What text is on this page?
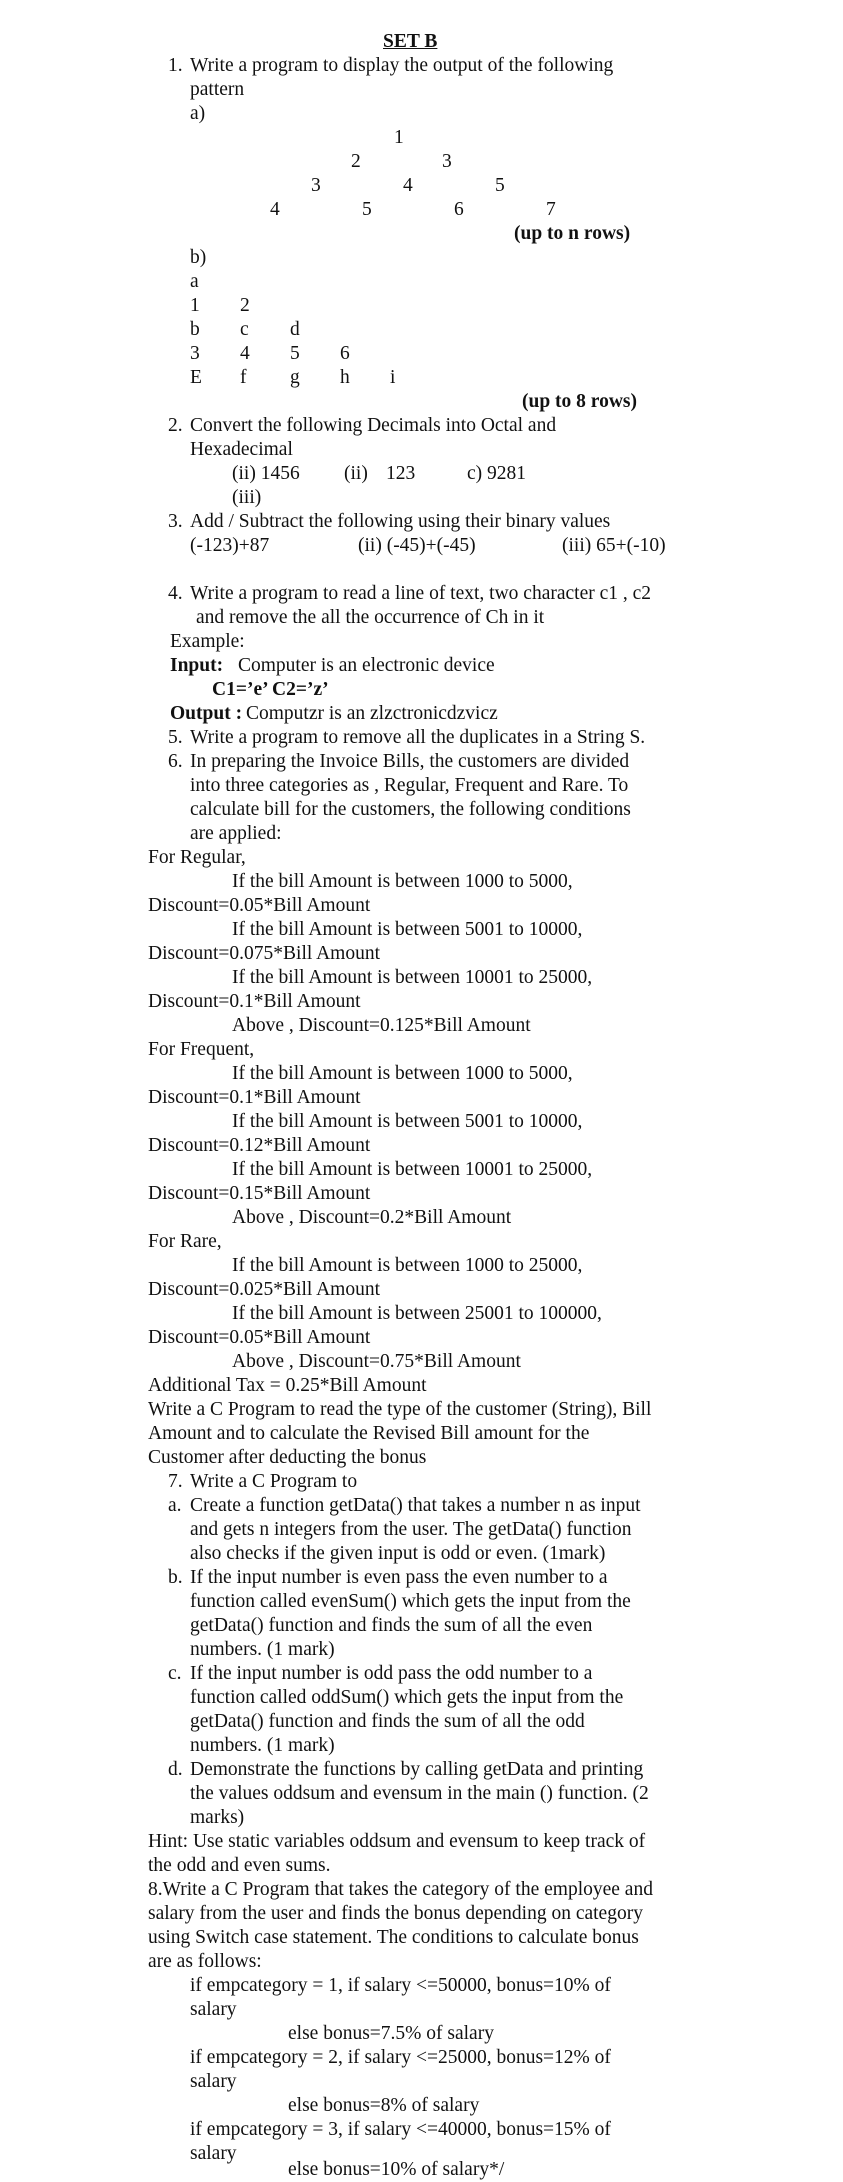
SET B
1. Write a program to display the output of the following
pattern
a)
1
2	3
3	4	5
4	5	6	7
(up to n rows)
b)
a
1 2
b c d
3 4 5 6
E f g h i
(up to 8 rows)
2. Convert the following Decimals into Octal and
Hexadecimal
(ii) 1456 (ii) 123	c) 9281
(iii)
3. Add / Subtract the following using their binary values
(-123)+87	(ii) (-45)+(-45)	(iii) 65+(-10)
4. Write a program to read a line of text, two character c1 , c2
and remove the all the occurrence of Ch in it
Example:
Input: Computer is an electronic device
C1=’e’ C2=’z’
Output : Computzr is an zlzctronicdzvicz
5. Write a program to remove all the duplicates in a String S.
6. In preparing the Invoice Bills, the customers are divided
into three categories as , Regular, Frequent and Rare. To
calculate bill for the customers, the following conditions
are applied:
For Regular,
If the bill Amount is between 1000 to 5000,
Discount=0.05*Bill Amount
If the bill Amount is between 5001 to 10000,
Discount=0.075*Bill Amount
If the bill Amount is between 10001 to 25000,
Discount=0.1*Bill Amount
Above , Discount=0.125*Bill Amount
For Frequent,
If the bill Amount is between 1000 to 5000,
Discount=0.1*Bill Amount
If the bill Amount is between 5001 to 10000,
Discount=0.12*Bill Amount
If the bill Amount is between 10001 to 25000,
Discount=0.15*Bill Amount
Above , Discount=0.2*Bill Amount
For Rare,
If the bill Amount is between 1000 to 25000,
Discount=0.025*Bill Amount
If the bill Amount is between 25001 to 100000,
Discount=0.05*Bill Amount
Above , Discount=0.75*Bill Amount
Additional Tax = 0.25*Bill Amount
Write a C Program to read the type of the customer (String), Bill
Amount and to calculate the Revised Bill amount for the
Customer after deducting the bonus
7. Write a C Program to
a. Create a function getData() that takes a number n as input
and gets n integers from the user. The getData() function
also checks if the given input is odd or even. (1mark)
b. If the input number is even pass the even number to a
function called evenSum() which gets the input from the
getData() function and finds the sum of all the even
numbers. (1 mark)
c. If the input number is odd pass the odd number to a
function called oddSum() which gets the input from the
getData() function and finds the sum of all the odd
numbers. (1 mark)
d. Demonstrate the functions by calling getData and printing
the values oddsum and evensum in the main () function. (2
marks)
Hint: Use static variables oddsum and evensum to keep track of
the odd and even sums.
8.Write a C Program that takes the category of the employee and
salary from the user and finds the bonus depending on category
using Switch case statement. The conditions to calculate bonus
are as follows:
if empcategory = 1, if salary <=50000, bonus=10% of
salary
else bonus=7.5% of salary
if empcategory = 2, if salary <=25000, bonus=12% of
salary
else bonus=8% of salary
if empcategory = 3, if salary <=40000, bonus=15% of
salary
else bonus=10% of salary*/
